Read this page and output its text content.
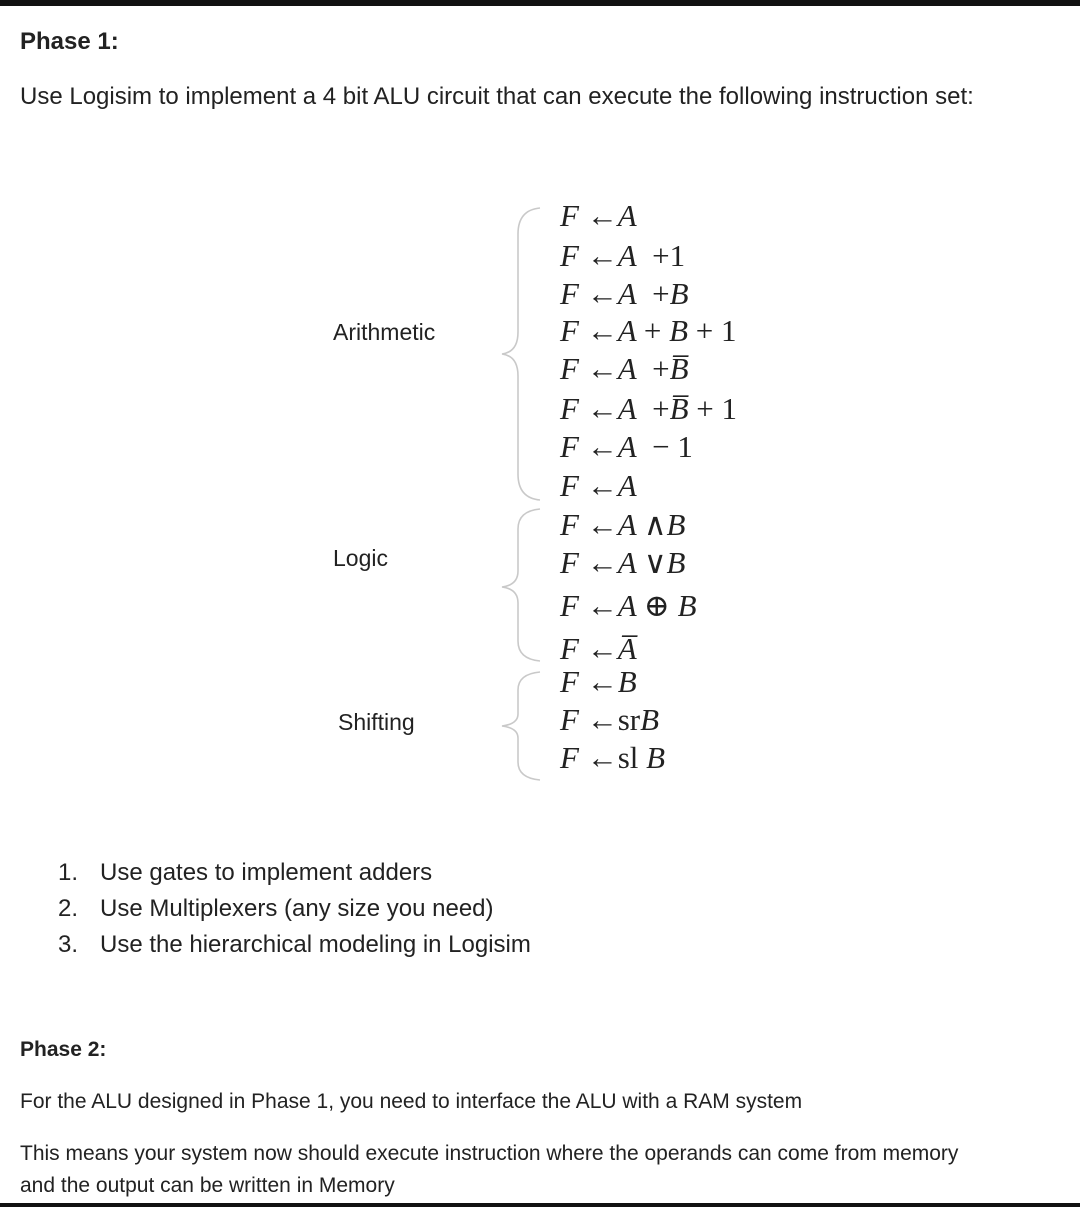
Phase 1:
Use Logisim to implement a 4 bit ALU circuit that can execute the following instruction set:
Arithmetic
Logic
Shifting
F ←A
F ←A +1
F ←A +B
F ←A + B + 1
F ←A +B̅
F ←A +B̅ + 1
F ←A − 1
F ←A
F ←A ∧B
F ←A ∨B
F ←A ⊕ B
F ←A̅
F ←B
F ←srB
F ←sl B
1. Use gates to implement adders
2. Use Multiplexers (any size you need)
3. Use the hierarchical modeling in Logisim
Phase 2:
For the ALU designed in Phase 1, you need to interface the ALU with a RAM system
This means your system now should execute instruction where the operands can come from memory
and the output can be written in Memory
